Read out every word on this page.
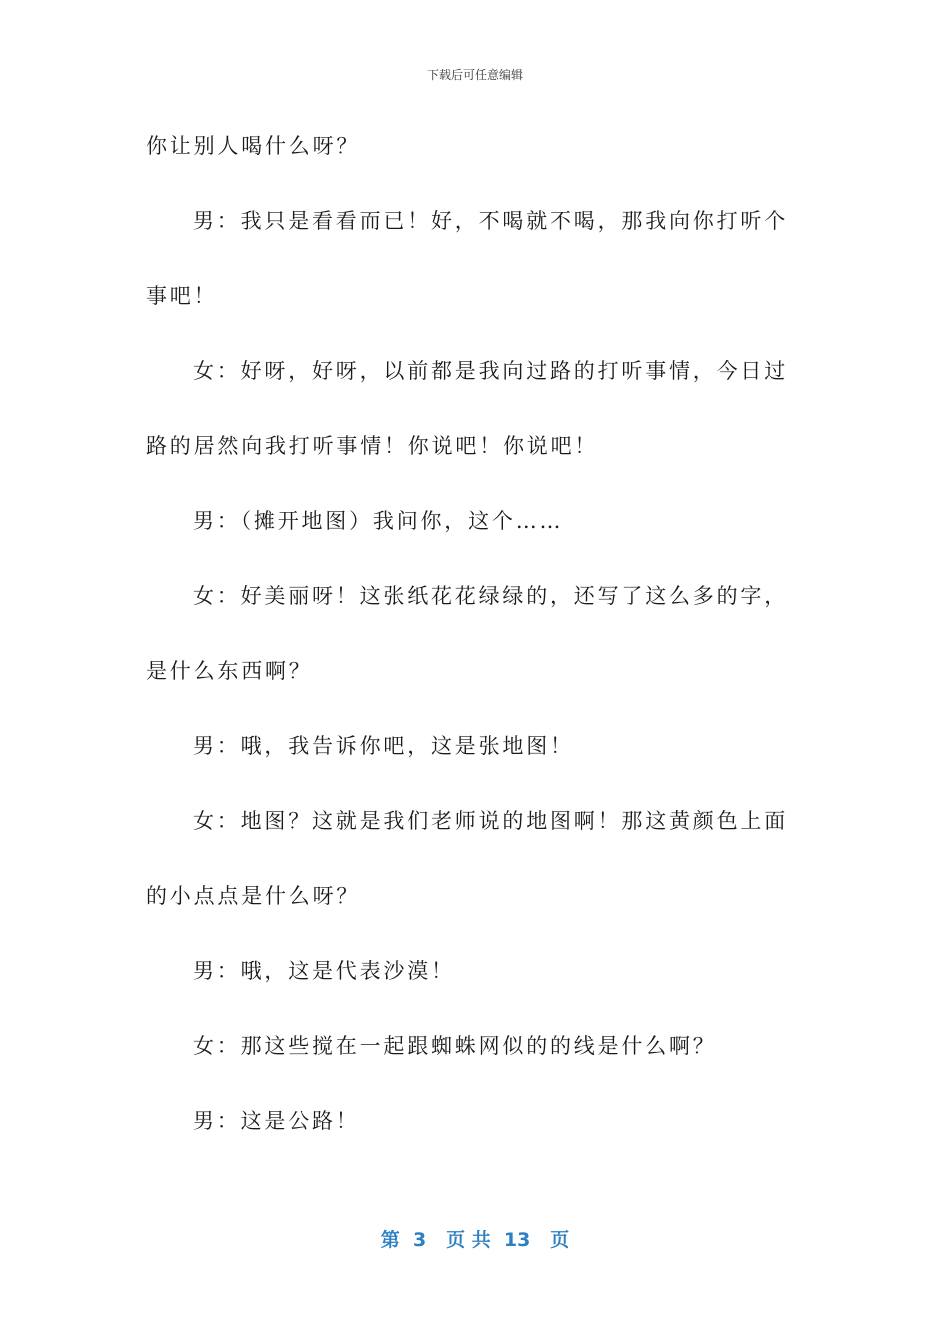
下载后可任意编辑
你让别人喝什么呀？
男：我只是看看而已！好，不喝就不喝，那我向你打听个
事吧！
女：好呀，好呀，以前都是我向过路的打听事情，今日过
路的居然向我打听事情！你说吧！你说吧！
男：（摊开地图）我问你，这个……
女：好美丽呀！这张纸花花绿绿的，还写了这么多的字，
是什么东西啊？
男：哦，我告诉你吧，这是张地图！
女：地图？这就是我们老师说的地图啊！那这黄颜色上面
的小点点是什么呀？
男：哦，这是代表沙漠！
女：那这些搅在一起跟蜘蛛网似的的线是什么啊？
男：这是公路！
第  3   页 共  13   页
